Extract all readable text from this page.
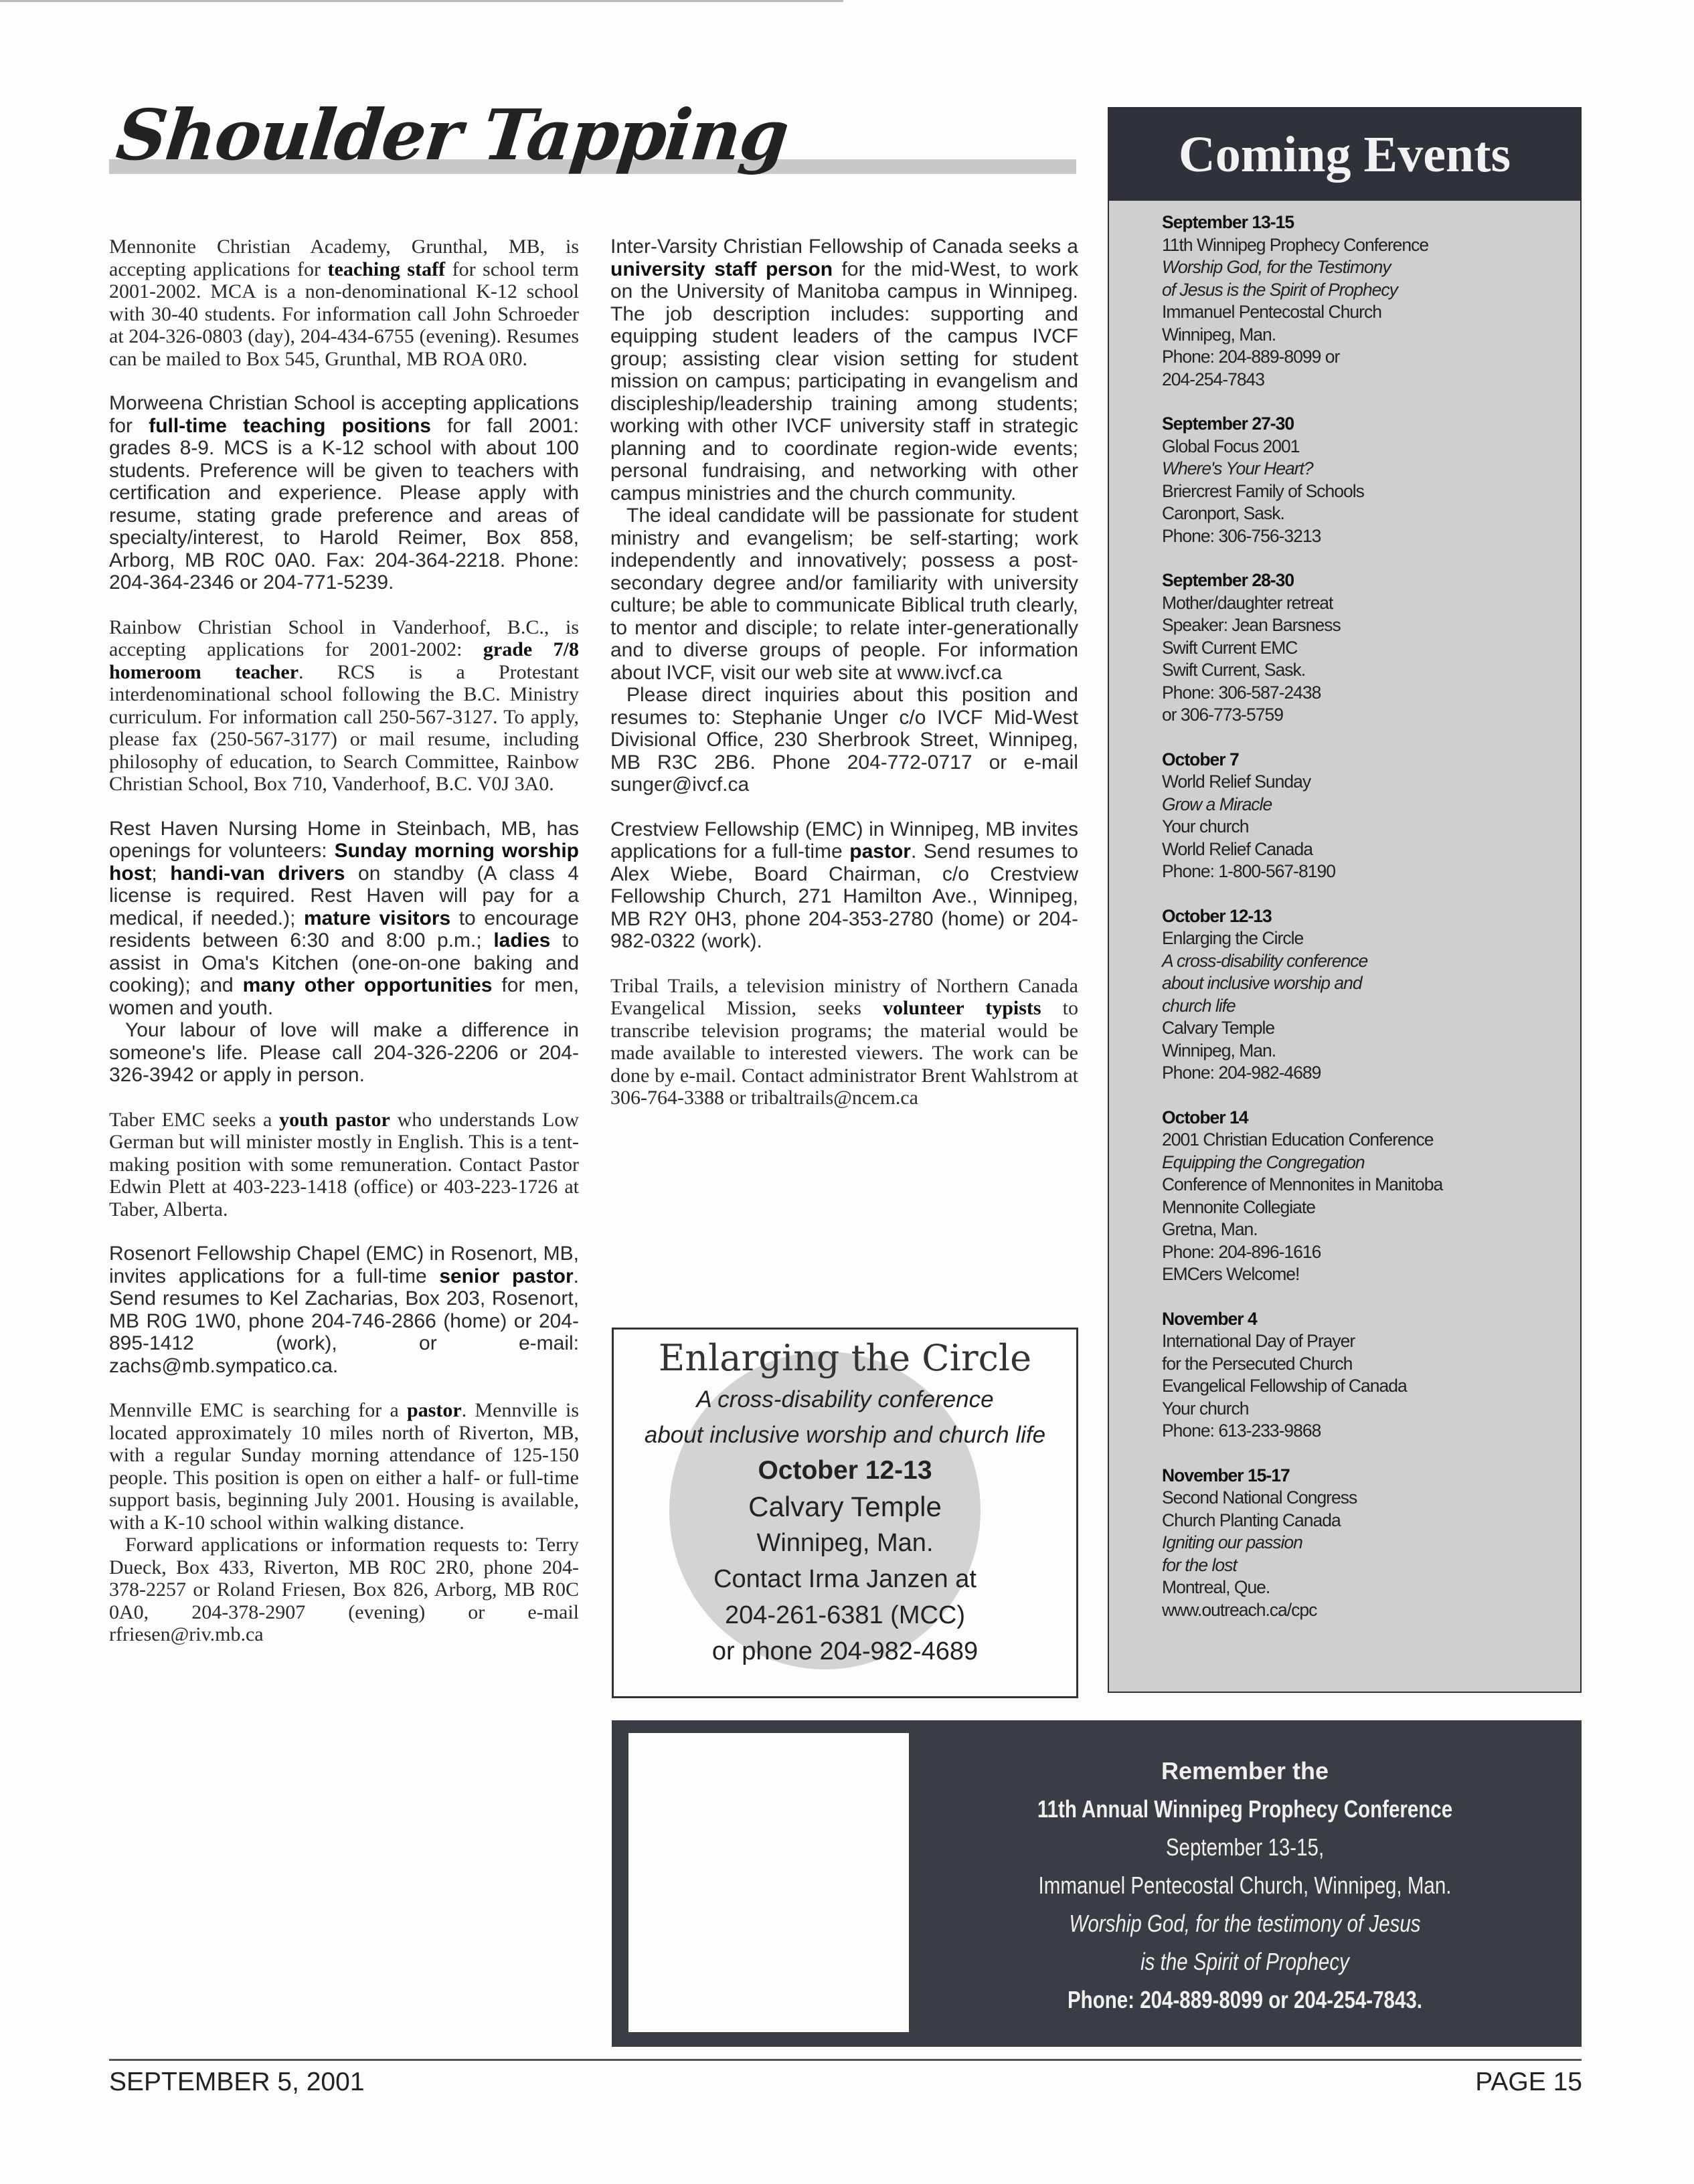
Shoulder Tapping

Mennonite Christian Academy, Grunthal, MB, is accepting applications for teaching staff for school term 2001-2002. MCA is a non-denominational K-12 school with 30-40 students. For information call John Schroeder at 204-326-0803 (day), 204-434-6755 (evening). Resumes can be mailed to Box 545, Grunthal, MB ROA 0R0.

Morweena Christian School is accepting applications for full-time teaching positions for fall 2001: grades 8-9. MCS is a K-12 school with about 100 students. Preference will be given to teachers with certification and experience. Please apply with resume, stating grade preference and areas of specialty/interest, to Harold Reimer, Box 858, Arborg, MB R0C 0A0. Fax: 204-364-2218. Phone: 204-364-2346 or 204-771-5239.

Rainbow Christian School in Vanderhoof, B.C., is accepting applications for 2001-2002: grade 7/8 homeroom teacher. RCS is a Protestant interdenominational school following the B.C. Ministry curriculum. For information call 250-567-3127. To apply, please fax (250-567-3177) or mail resume, including philosophy of education, to Search Committee, Rainbow Christian School, Box 710, Vanderhoof, B.C. V0J 3A0.

Rest Haven Nursing Home in Steinbach, MB, has openings for volunteers: Sunday morning worship host; handi-van drivers on standby (A class 4 license is required. Rest Haven will pay for a medical, if needed.); mature visitors to encourage residents between 6:30 and 8:00 p.m.; ladies to assist in Oma's Kitchen (one-on-one baking and cooking); and many other opportunities for men, women and youth.

Your labour of love will make a difference in someone's life. Please call 204-326-2206 or 204-326-3942 or apply in person.

Taber EMC seeks a youth pastor who understands Low German but will minister mostly in English. This is a tent-making position with some remuneration. Contact Pastor Edwin Plett at 403-223-1418 (office) or 403-223-1726 at Taber, Alberta.

Rosenort Fellowship Chapel (EMC) in Rosenort, MB, invites applications for a full-time senior pastor. Send resumes to Kel Zacharias, Box 203, Rosenort, MB R0G 1W0, phone 204-746-2866 (home) or 204-895-1412 (work), or e-mail: zachs@mb.sympatico.ca.

Mennville EMC is searching for a pastor. Mennville is located approximately 10 miles north of Riverton, MB, with a regular Sunday morning attendance of 125-150 people. This position is open on either a half- or full-time support basis, beginning July 2001. Housing is available, with a K-10 school within walking distance.

Forward applications or information requests to: Terry Dueck, Box 433, Riverton, MB R0C 2R0, phone 204-378-2257 or Roland Friesen, Box 826, Arborg, MB R0C 0A0, 204-378-2907 (evening) or e-mail rfriesen@riv.mb.ca

Inter-Varsity Christian Fellowship of Canada seeks a university staff person for the mid-West, to work on the University of Manitoba campus in Winnipeg. The job description includes: supporting and equipping student leaders of the campus IVCF group; assisting clear vision setting for student mission on campus; participating in evangelism and discipleship/leadership training among students; working with other IVCF university staff in strategic planning and to coordinate region-wide events; personal fundraising, and networking with other campus ministries and the church community.

The ideal candidate will be passionate for student ministry and evangelism; be self-starting; work independently and innovatively; possess a post-secondary degree and/or familiarity with university culture; be able to communicate Biblical truth clearly, to mentor and disciple; to relate inter-generationally and to diverse groups of people. For information about IVCF, visit our web site at www.ivcf.ca

Please direct inquiries about this position and resumes to: Stephanie Unger c/o IVCF Mid-West Divisional Office, 230 Sherbrook Street, Winnipeg, MB R3C 2B6. Phone 204-772-0717 or e-mail sunger@ivcf.ca

Crestview Fellowship (EMC) in Winnipeg, MB invites applications for a full-time pastor. Send resumes to Alex Wiebe, Board Chairman, c/o Crestview Fellowship Church, 271 Hamilton Ave., Winnipeg, MB R2Y 0H3, phone 204-353-2780 (home) or 204-982-0322 (work).

Tribal Trails, a television ministry of Northern Canada Evangelical Mission, seeks volunteer typists to transcribe television programs; the material would be made available to interested viewers. The work can be done by e-mail. Contact administrator Brent Wahlstrom at 306-764-3388 or tribaltrails@ncem.ca

Enlarging the Circle
A cross-disability conference
about inclusive worship and church life
October 12-13
Calvary Temple
Winnipeg, Man.
Contact Irma Janzen at
204-261-6381 (MCC)
or phone 204-982-4689
Coming Events
September 13-15
11th Winnipeg Prophecy Conference
Worship God, for the Testimony
of Jesus is the Spirit of Prophecy
Immanuel Pentecostal Church
Winnipeg, Man.
Phone: 204-889-8099 or
204-254-7843
September 27-30
Global Focus 2001
Where's Your Heart?
Briercrest Family of Schools
Caronport, Sask.
Phone: 306-756-3213
September 28-30
Mother/daughter retreat
Speaker: Jean Barsness
Swift Current EMC
Swift Current, Sask.
Phone: 306-587-2438
or 306-773-5759
October 7
World Relief Sunday
Grow a Miracle
Your church
World Relief Canada
Phone: 1-800-567-8190
October 12-13
Enlarging the Circle
A cross-disability conference
about inclusive worship and
church life
Calvary Temple
Winnipeg, Man.
Phone: 204-982-4689
October 14
2001 Christian Education Conference
Equipping the Congregation
Conference of Mennonites in Manitoba
Mennonite Collegiate
Gretna, Man.
Phone: 204-896-1616
EMCers Welcome!
November 4
International Day of Prayer
for the Persecuted Church
Evangelical Fellowship of Canada
Your church
Phone: 613-233-9868
November 15-17
Second National Congress
Church Planting Canada
Igniting our passion
for the lost
Montreal, Que.
www.outreach.ca/cpc
Remember the
11th Annual Winnipeg Prophecy Conference
September 13-15,
Immanuel Pentecostal Church, Winnipeg, Man.
Worship God, for the testimony of Jesus
is the Spirit of Prophecy
Phone: 204-889-8099 or 204-254-7843.
SEPTEMBER 5, 2001	PAGE 15
